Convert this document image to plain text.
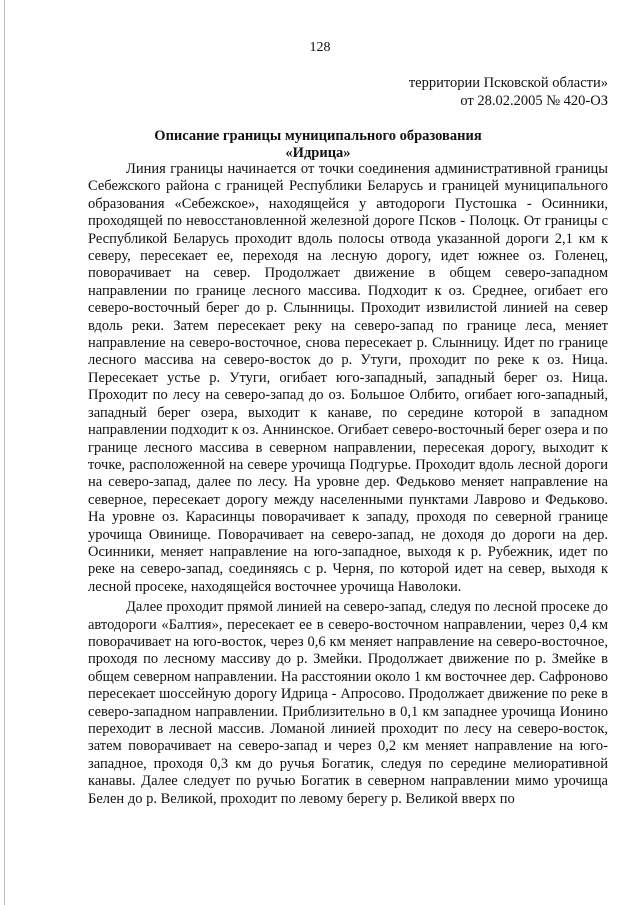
128
территории Псковской области»
от 28.02.2005 № 420-ОЗ
Описание границы муниципального образования
«Идрица»

Линия границы начинается от точки соединения административной границы Себежского района с границей Республики Беларусь и границей муниципального образования «Себежское», находящейся у автодороги Пустошка - Осинники, проходящей по невосстановленной железной дороге Псков - Полоцк. От границы с Республикой Беларусь проходит вдоль полосы отвода указанной дороги 2,1 км к северу, пересекает ее, переходя на лесную дорогу, идет южнее оз. Голенец, поворачивает на север. Продолжает движение в общем северо-западном направлении по границе лесного массива. Подходит к оз. Среднее, огибает его северо-восточный берег до р. Слынницы. Проходит извилистой линией на север вдоль реки. Затем пересекает реку на северо-запад по границе леса, меняет направление на северо-восточное, снова пересекает р. Слынницу. Идет по границе лесного массива на северо-восток до р. Утуги, проходит по реке к оз. Ница. Пересекает устье р. Утуги, огибает юго-западный, западный берег оз. Ница. Проходит по лесу на северо-запад до оз. Большое Олбито, огибает юго-западный, западный берег озера, выходит к канаве, по середине которой в западном направлении подходит к оз. Аннинское. Огибает северо-восточный берег озера и по границе лесного массива в северном направлении, пересекая дорогу, выходит к точке, расположенной на севере урочища Подгурье. Проходит вдоль лесной дороги на северо-запад, далее по лесу. На уровне дер. Федьково меняет направление на северное, пересекает дорогу между населенными пунктами Лаврово и Федьково. На уровне оз. Карасинцы поворачивает к западу, проходя по северной границе урочища Овинище. Поворачивает на северо-запад, не доходя до дороги на дер. Осинники, меняет направление на юго-западное, выходя к р. Рубежник, идет по реке на северо-запад, соединяясь с р. Черня, по которой идет на север, выходя к лесной просеке, находящейся восточнее урочища Наволоки.

Далее проходит прямой линией на северо-запад, следуя по лесной просеке до автодороги «Балтия», пересекает ее в северо-восточном направлении, через 0,4 км поворачивает на юго-восток, через 0,6 км меняет направление на северо-восточное, проходя по лесному массиву до р. Змейки. Продолжает движение по р. Змейке в общем северном направлении. На расстоянии около 1 км восточнее дер. Сафроново пересекает шоссейную дорогу Идрица - Апросово. Продолжает движение по реке в северо-западном направлении. Приблизительно в 0,1 км западнее урочища Ионино переходит в лесной массив. Ломаной линией проходит по лесу на северо-восток, затем поворачивает на северо-запад и через 0,2 км меняет направление на юго-западное, проходя 0,3 км до ручья Богатик, следуя по середине мелиоративной канавы. Далее следует по ручью Богатик в северном направлении мимо урочища Белен до р. Великой, проходит по левому берегу р. Великой вверх по
